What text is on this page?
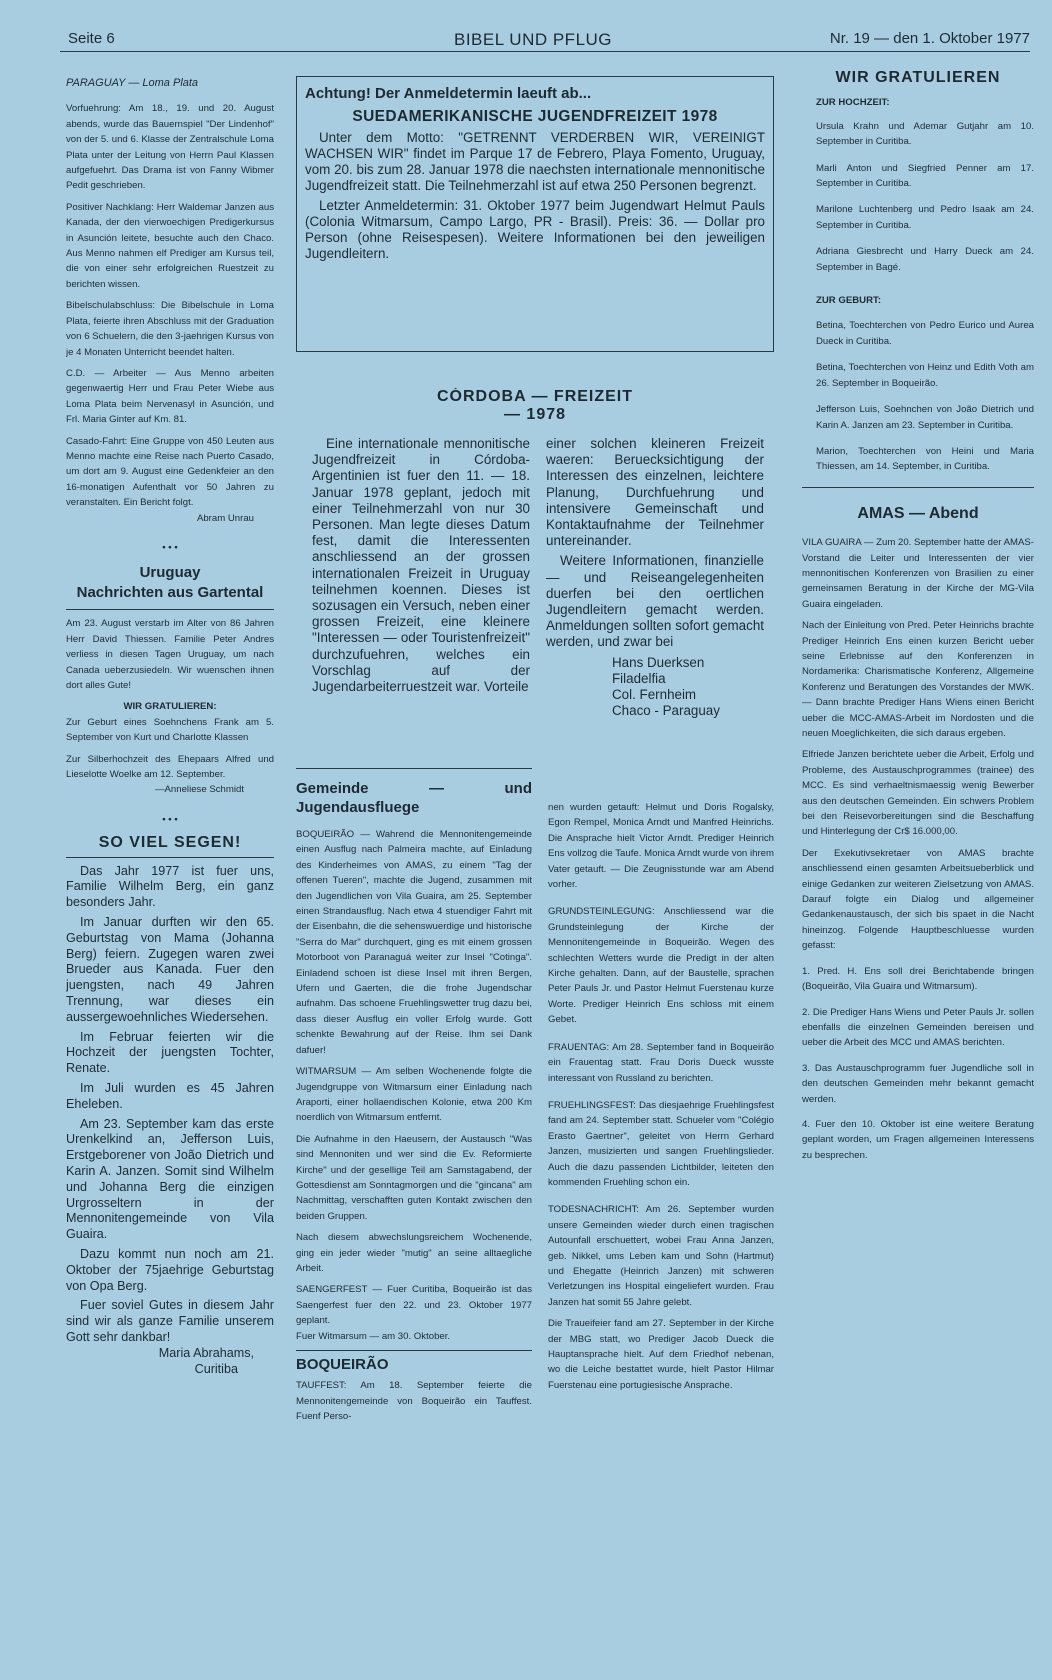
Seite 6	BIBEL UND PFLUG	Nr. 19 — den 1. Oktober 1977
PARAGUAY — Loma Plata

Vorfuehrung: Am 18., 19. und 20. August abends, wurde das Bauernspiel "Der Lindenhof" von der 5. und 6. Klasse der Zentralschule Loma Plata unter der Leitung von Herrn Paul Klassen aufgefuehrt. Das Drama ist von Fanny Wibmer Pedit geschrieben.

Positiver Nachklang: Herr Waldemar Janzen aus Kanada, der den vierwoechigen Predigerkursus in Asunción leitete, besuchte auch den Chaco. Aus Menno nahmen elf Prediger am Kursus teil, die von einer sehr erfolgreichen Ruestzeit zu berichten wissen.

Bibelschulabschluss: Die Bibelschule in Loma Plata, feierte ihren Abschluss mit der Graduation von 6 Schuelern, die den 3-jaehrigen Kursus von je 4 Monaten Unterricht beendet halten.

C.D. — Arbeiter — Aus Menno arbeiten gegenwaertig Herr und Frau Peter Wiebe aus Loma Plata beim Nervenasyl in Asunción, und Frl. Maria Ginter auf Km. 81.

Casado-Fahrt: Eine Gruppe von 450 Leuten aus Menno machte eine Reise nach Puerto Casado, um dort am 9. August eine Gedenkfeier an den 16-monatigen Aufenthalt vor 50 Jahren zu veranstalten. Ein Bericht folgt.

Abram Unrau
• • •
Uruguay
Nachrichten aus Gartental

Am 23. August verstarb im Alter von 86 Jahren Herr David Thiessen. Familie Peter Andres verliess in diesen Tagen Uruguay, um nach Canada ueberzusiedeln. Wir wuenschen ihnen dort alles Gute!

WIR GRATULIEREN:

Zur Geburt eines Soehnchens Frank am 5. September von Kurt und Charlotte Klassen

Zur Silberhochzeit des Ehepaars Alfred und Lieselotte Woelke am 12. September.

—Anneliese Schmidt
• • •
SO VIEL SEGEN!

Das Jahr 1977 ist fuer uns, Familie Wilhelm Berg, ein ganz besonders Jahr.

Im Januar durften wir den 65. Geburtstag von Mama (Johanna Berg) feiern. Zugegen waren zwei Brueder aus Kanada. Fuer den juengsten, nach 49 Jahren Trennung, war dieses ein aussergewoehnliches Wiedersehen.

Im Februar feierten wir die Hochzeit der juengsten Tochter, Renate.

Im Juli wurden es 45 Jahren Eheleben.

Am 23. September kam das erste Urenkelkind an, Jefferson Luis, Erstgeborener von João Dietrich und Karin A. Janzen. Somit sind Wilhelm und Johanna Berg die einzigen Urgrosseltern in der Mennonitengemeinde von Vila Guaira.

Dazu kommt nun noch am 21. Oktober der 75jaehrige Geburtstag von Opa Berg.

Fuer soviel Gutes in diesem Jahr sind wir als ganze Familie unserem Gott sehr dankbar!

Maria Abrahams,
Curitiba
Achtung! Der Anmeldetermin laeuft ab...
SUEDAMERIKANISCHE JUGENDFREIZEIT 1978

Unter dem Motto: "GETRENNT VERDERBEN WIR, VEREINIGT WACHSEN WIR" findet im Parque 17 de Febrero, Playa Fomento, Uruguay, vom 20. bis zum 28. Januar 1978 die naechsten internationale mennonitische Jugendfreizeit statt. Die Teilnehmerzahl ist auf etwa 250 Personen begrenzt.

Letzter Anmeldetermin: 31. Oktober 1977 beim Jugendwart Helmut Pauls (Colonia Witmarsum, Campo Largo, PR - Brasil). Preis: 36. — Dollar pro Person (ohne Reisespesen). Weitere Informationen bei den jeweiligen Jugendleitern.

CÓRDOBA — FREIZEIT
— 1978

Eine internationale mennonitische Jugendfreizeit in Córdoba-Argentinien ist fuer den 11. — 18. Januar 1978 geplant, jedoch mit einer Teilnehmerzahl von nur 30 Personen. Man legte dieses Datum fest, damit die Interessenten anschliessend an der grossen internationalen Freizeit in Uruguay teilnehmen koennen. Dieses ist sozusagen ein Versuch, neben einer grossen Freizeit, eine kleinere "Interessen — oder Touristenfreizeit" durchzufuehren, welches ein Vorschlag auf der Jugendarbeiterruestzeit war. Vorteile

einer solchen kleineren Freizeit waeren: Beruecksichtigung der Interessen des einzelnen, leichtere Planung, Durchfuehrung und intensivere Gemeinschaft und Kontaktaufnahme der Teilnehmer untereinander.

Weitere Informationen, finanzielle — und Reiseangelegenheiten duerfen bei den oertlichen Jugendleitern gemacht werden. Anmeldungen sollten sofort gemacht werden, und zwar bei

Hans Duerksen
Filadelfia
Col. Fernheim
Chaco - Paraguay
Gemeinde — und Jugendausfluege

BOQUEIRÃO — Wahrend die Mennonitengemeinde einen Ausflug nach Palmeira machte, auf Einladung des Kinderheimes von AMAS, zu einem "Tag der offenen Tueren", machte die Jugend, zusammen mit den Jugendlichen von Vila Guaira, am 25. September einen Strandausflug. Nach etwa 4 stuendiger Fahrt mit der Eisenbahn, die die sehenswuerdige und historische "Serra do Mar" durchquert, ging es mit einem grossen Motorboot von Paranaguá weiter zur Insel "Cotinga". Einladend schoen ist diese Insel mit ihren Bergen, Ufern und Gaerten, die die frohe Jugendschar aufnahm. Das schoene Fruehlingswetter trug dazu bei, dass dieser Ausflug ein voller Erfolg wurde. Gott schenkte Bewahrung auf der Reise. Ihm sei Dank dafuer!

WITMARSUM — Am selben Wochenende folgte die Jugendgruppe von Witmarsum einer Einladung nach Araporti, einer hollaendischen Kolonie, etwa 200 Km noerdlich von Witmarsum entfernt.

Die Aufnahme in den Haeusern, der Austausch "Was sind Mennoniten und wer sind die Ev. Reformierte Kirche" und der gesellige Teil am Samstagabend, der Gottesdienst am Sonntagmorgen und die "gincana" am Nachmittag, verschafften guten Kontakt zwischen den beiden Gruppen.

Nach diesem abwechslungsreichem Wochenende, ging ein jeder wieder "mutig" an seine alltaegliche Arbeit.

SAENGERFEST — Fuer Curitiba, Boqueirão ist das Saengerfest fuer den 22. und 23. Oktober 1977 geplant.

Fuer Witmarsum — am 30. Oktober.

BOQUEIRÃO

TAUFFEST: Am 18. September feierte die Mennonitengemeinde von Boqueirão ein Tauffest. Fuenf Perso-

nen wurden getauft: Helmut und Doris Rogalsky, Egon Rempel, Monica Arndt und Manfred Heinrichs. Die Ansprache hielt Victor Arndt. Prediger Heinrich Ens vollzog die Taufe. Monica Arndt wurde von ihrem Vater getauft. — Die Zeugnisstunde war am Abend vorher.

GRUNDSTEINLEGUNG: Anschliessend war die Grundsteinlegung der Kirche der Mennonitengemeinde in Boqueirão. Wegen des schlechten Wetters wurde die Predigt in der alten Kirche gehalten. Dann, auf der Baustelle, sprachen Peter Pauls Jr. und Pastor Helmut Fuerstenau kurze Worte. Prediger Heinrich Ens schloss mit einem Gebet.

FRAUENTAG: Am 28. September fand in Boqueirão ein Frauentag statt. Frau Doris Dueck wusste interessant von Russland zu berichten.

FRUEHLINGSFEST: Das diesjaehrige Fruehlingsfest fand am 24. September statt. Schueler vom "Colégio Erasto Gaertner", geleitet von Herrn Gerhard Janzen, musizierten und sangen Fruehlingslieder. Auch die dazu passenden Lichtbilder, leiteten den kommenden Fruehling schon ein.

TODESNACHRICHT: Am 26. September wurden unsere Gemeinden wieder durch einen tragischen Autounfall erschuettert, wobei Frau Anna Janzen, geb. Nikkel, ums Leben kam und Sohn (Hartmut) und Ehegatte (Heinrich Janzen) mit schweren Verletzungen ins Hospital eingeliefert wurden. Frau Janzen hat somit 55 Jahre gelebt.

Die Traueifeier fand am 27. September in der Kirche der MBG statt, wo Prediger Jacob Dueck die Hauptansprache hielt. Auf dem Friedhof nebenan, wo die Leiche bestattet wurde, hielt Pastor Hilmar Fuerstenau eine portugiesische Ansprache.

WIR GRATULIEREN
ZUR HOCHZEIT:

Ursula Krahn und Ademar Gutjahr am 10. September in Curitiba.

Marli Anton und Siegfried Penner am 17. September in Curitiba.

Marilone Luchtenberg und Pedro Isaak am 24. September in Curitiba.

Adriana Giesbrecht und Harry Dueck am 24. September in Bagé.

ZUR GEBURT:

Betina, Toechterchen von Pedro Eurico und Aurea Dueck in Curitiba.

Betina, Toechterchen von Heinz und Edith Voth am 26. September in Boqueirão.

Jefferson Luis, Soehnchen von João Dietrich und Karin A. Janzen am 23. September in Curitiba.

Marion, Toechterchen von Heini und Maria Thiessen, am 14. September, in Curitiba.

AMAS — Abend

VILA GUAIRA — Zum 20. September hatte der AMAS-Vorstand die Leiter und Interessenten der vier mennonitischen Konferenzen von Brasilien zu einer gemeinsamen Beratung in der Kirche der MG-Vila Guaira eingeladen.

Nach der Einleitung von Pred. Peter Heinrichs brachte Prediger Heinrich Ens einen kurzen Bericht ueber seine Erlebnisse auf den Konferenzen in Nordamerika: Charismatische Konferenz, Allgemeine Konferenz und Beratungen des Vorstandes der MWK. — Dann brachte Prediger Hans Wiens einen Bericht ueber die MCC-AMAS-Arbeit im Nordosten und die neuen Moeglichkeiten, die sich daraus ergeben.

Elfriede Janzen berichtete ueber die Arbeit, Erfolg und Probleme, des Austauschprogrammes (trainee) des MCC. Es sind verhaeltnismaessig wenig Bewerber aus den deutschen Gemeinden. Ein schwers Problem bei den Reisevorbereitungen sind die Beschaffung und Hinterlegung der Cr$ 16.000,00.

Der Exekutivsekretaer von AMAS brachte anschliessend einen gesamten Arbeitsueberblick und einige Gedanken zur weiteren Zielsetzung von AMAS. Darauf folgte ein Dialog und allgemeiner Gedankenaustausch, der sich bis spaet in die Nacht hineinzog. Folgende Hauptbeschluesse wurden gefasst:

1. Pred. H. Ens soll drei Berichtabende bringen (Boqueirão, Vila Guaira und Witmarsum).

2. Die Prediger Hans Wiens und Peter Pauls Jr. sollen ebenfalls die einzelnen Gemeinden bereisen und ueber die Arbeit des MCC und AMAS berichten.

3. Das Austauschprogramm fuer Jugendliche soll in den deutschen Gemeinden mehr bekannt gemacht werden.

4. Fuer den 10. Oktober ist eine weitere Beratung geplant worden, um Fragen allgemeinen Interessens zu besprechen.
